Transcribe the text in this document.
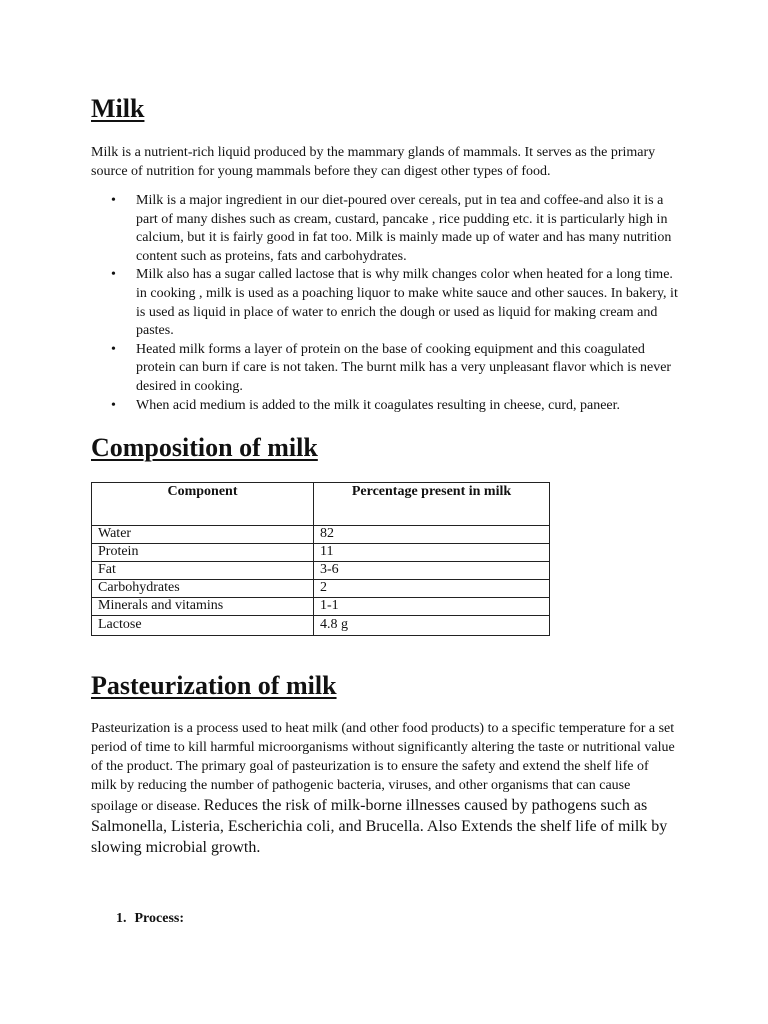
Milk

Milk is a nutrient-rich liquid produced by the mammary glands of mammals. It serves as the primary source of nutrition for young mammals before they can digest other types of food.

• Milk is a major ingredient in our diet-poured over cereals, put in tea and coffee-and also it is a part of many dishes such as cream, custard, pancake , rice pudding etc. it is particularly high in calcium, but it is fairly good in fat too. Milk is mainly made up of water and has many nutrition content such as proteins, fats and carbohydrates.
• Milk also has a sugar called lactose that is why milk changes color when heated for a long time. in cooking , milk is used as a poaching liquor to make white sauce and other sauces. In bakery, it is used as liquid in place of water to enrich the dough or used as liquid for making cream and pastes.
• Heated milk forms a layer of protein on the base of cooking equipment and this coagulated protein can burn if care is not taken. The burnt milk has a very unpleasant flavor which is never desired in cooking.
• When acid medium is added to the milk it coagulates resulting in cheese, curd, paneer.
Composition of milk
Component	Percentage present in milk
Water	82
Protein	11
Fat	3-6
Carbohydrates	2
Minerals and vitamins	1-1
Lactose	4.8 g
Pasteurization of milk

Pasteurization is a process used to heat milk (and other food products) to a specific temperature for a set period of time to kill harmful microorganisms without significantly altering the taste or nutritional value of the product. The primary goal of pasteurization is to ensure the safety and extend the shelf life of milk by reducing the number of pathogenic bacteria, viruses, and other organisms that can cause spoilage or disease. Reduces the risk of milk-borne illnesses caused by pathogens such as Salmonella, Listeria, Escherichia coli, and Brucella. Also Extends the shelf life of milk by slowing microbial growth.

1. Process:
